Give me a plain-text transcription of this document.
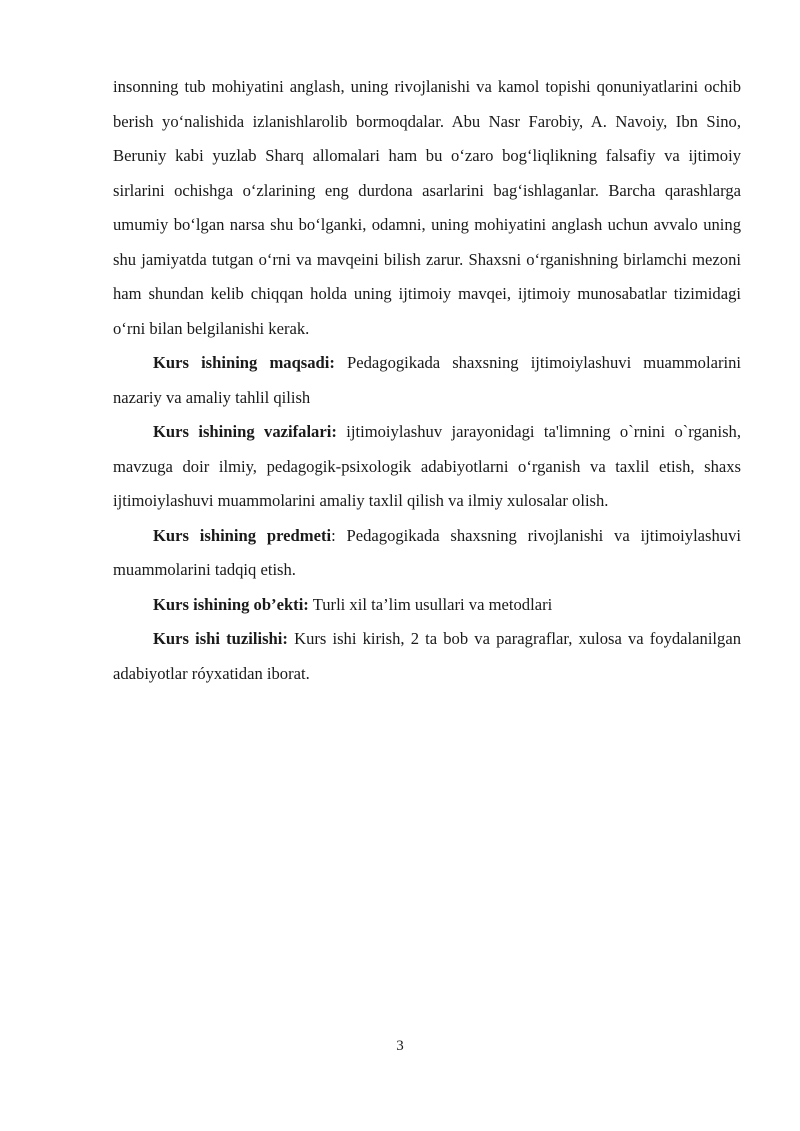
insonning tub mohiyatini anglash, uning rivojlanishi va kamol topishi qonuniyatlarini ochib berish yo‘nalishida izlanishlarolib bormoqdalar. Abu Nasr Farobiy, A. Navoiy, Ibn Sino, Beruniy kabi yuzlab Sharq allomalari ham bu o‘zaro bog‘liqlikning falsafiy va ijtimoiy sirlarini ochishga o‘zlarining eng durdona asarlarini bag‘ishlaganlar. Barcha qarashlarga umumiy bo‘lgan narsa shu bo‘lganki, odamni, uning mohiyatini anglash uchun avvalo uning shu jamiyatda tutgan o‘rni va mavqeini bilish zarur. Shaxsni o‘rganishning birlamchi mezoni ham shundan kelib chiqqan holda uning ijtimoiy mavqei, ijtimoiy munosabatlar tizimidagi o‘rni bilan belgilanishi kerak.

Kurs ishining maqsadi: Pedagogikada shaxsning ijtimoiylashuvi muammolarini nazariy va amaliy tahlil qilish

Kurs ishining vazifalari: ijtimoiylashuv jarayonidagi ta'limning o`rnini o`rganish, mavzuga doir ilmiy, pedagogik-psixologik adabiyotlarni o‘rganish va taxlil etish, shaxs ijtimoiylashuvi muammolarini amaliy taxlil qilish va ilmiy xulosalar olish.

Kurs ishining predmeti: Pedagogikada shaxsning rivojlanishi va ijtimoiylashuvi muammolarini tadqiq etish.

Kurs ishining ob’ekti: Turli xil ta’lim usullari va metodlari

Kurs ishi tuzilishi: Kurs ishi kirish, 2 ta bob va paragraflar, xulosa va foydalanilgan adabiyotlar róyxatidan iborat.

3
